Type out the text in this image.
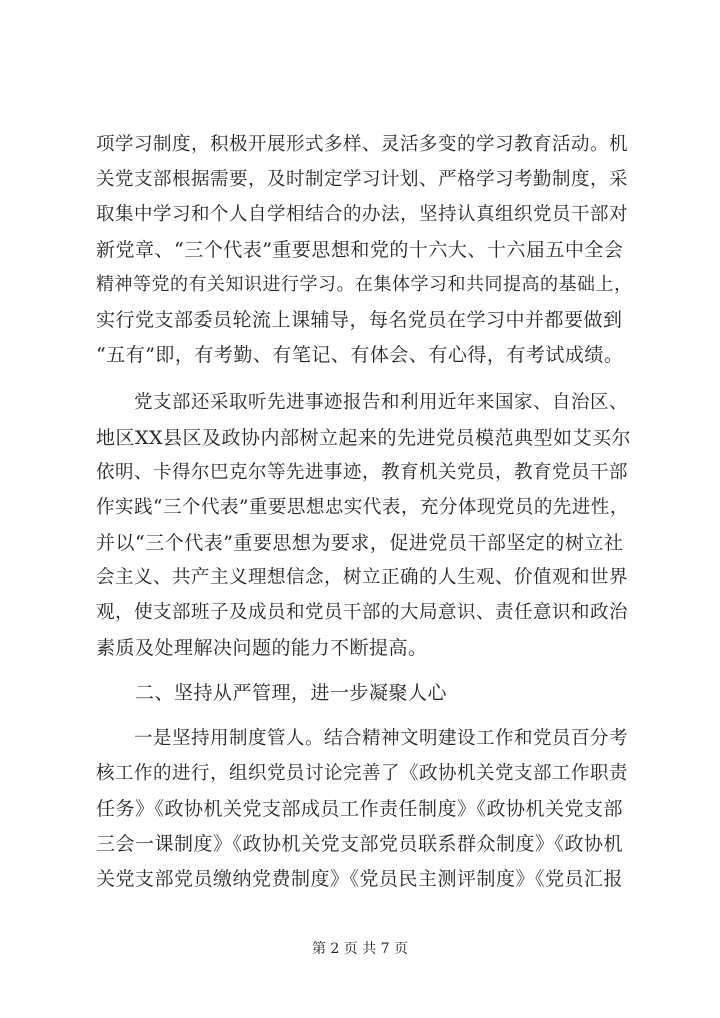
项学习制度，积极开展形式多样、灵活多变的学习教育活动。机
关党支部根据需要，及时制定学习计划、严格学习考勤制度，采
取集中学习和个人自学相结合的办法，坚持认真组织党员干部对
新党章、“三个代表”重要思想和党的十六大、十六届五中全会
精神等党的有关知识进行学习。在集体学习和共同提高的基础上，
实行党支部委员轮流上课辅导，每名党员在学习中并都要做到
“五有”即，有考勤、有笔记、有体会、有心得，有考试成绩。
　　党支部还采取听先进事迹报告和利用近年来国家、自治区、
地区XX县区及政协内部树立起来的先进党员模范典型如艾买尔
依明、卡得尔巴克尔等先进事迹，教育机关党员，教育党员干部
作实践“三个代表”重要思想忠实代表，充分体现党员的先进性，
并以“三个代表”重要思想为要求，促进党员干部坚定的树立社
会主义、共产主义理想信念，树立正确的人生观、价值观和世界
观，使支部班子及成员和党员干部的大局意识、责任意识和政治
素质及处理解决问题的能力不断提高。
　　二、坚持从严管理，进一步凝聚人心
　　一是坚持用制度管人。结合精神文明建设工作和党员百分考
核工作的进行，组织党员讨论完善了《政协机关党支部工作职责
任务》《政协机关党支部成员工作责任制度》《政协机关党支部
三会一课制度》《政协机关党支部党员联系群众制度》《政协机
关党支部党员缴纳党费制度》《党员民主测评制度》《党员汇报
第 2 页 共 7 页
